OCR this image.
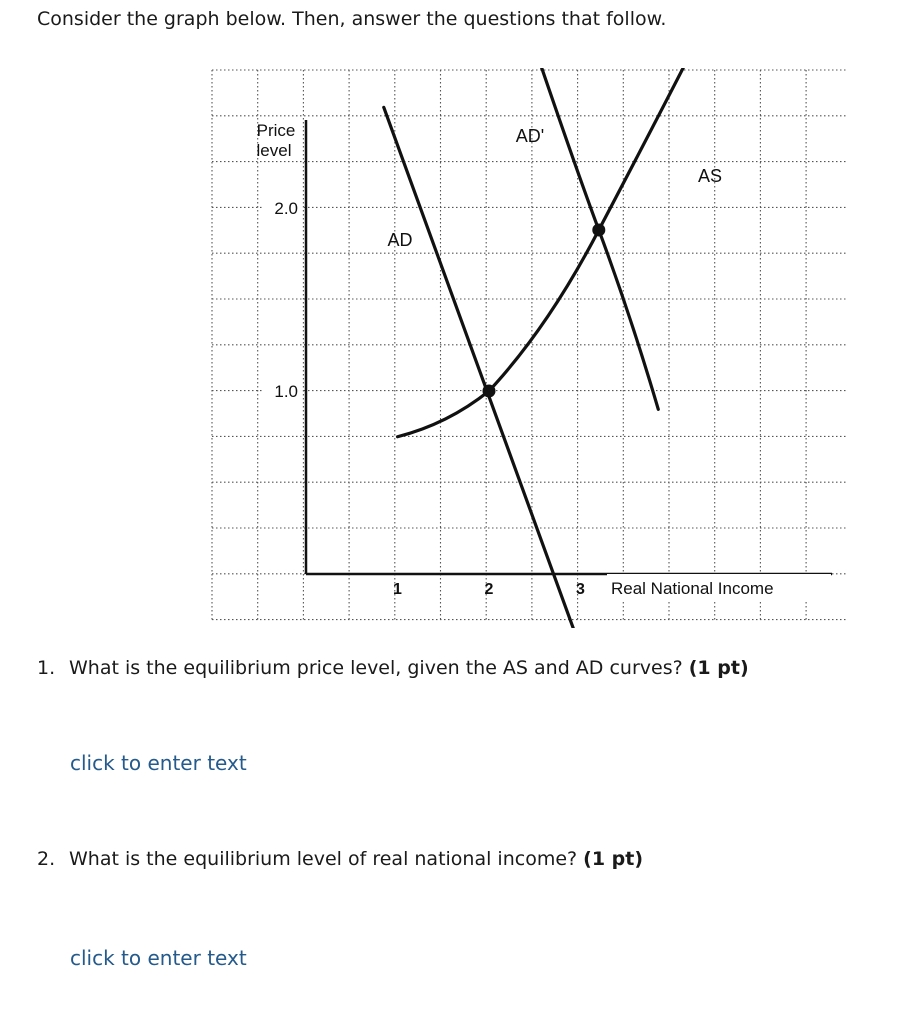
Consider the graph below. Then, answer the questions that follow.
2.0
1.0
1	2	3
AD
AD'
AS
Price
level
Real National Income

1. What is the equilibrium price level, given the AS and AD curves? (1 pt)

click to enter text

2. What is the equilibrium level of real national income? (1 pt)

click to enter text
